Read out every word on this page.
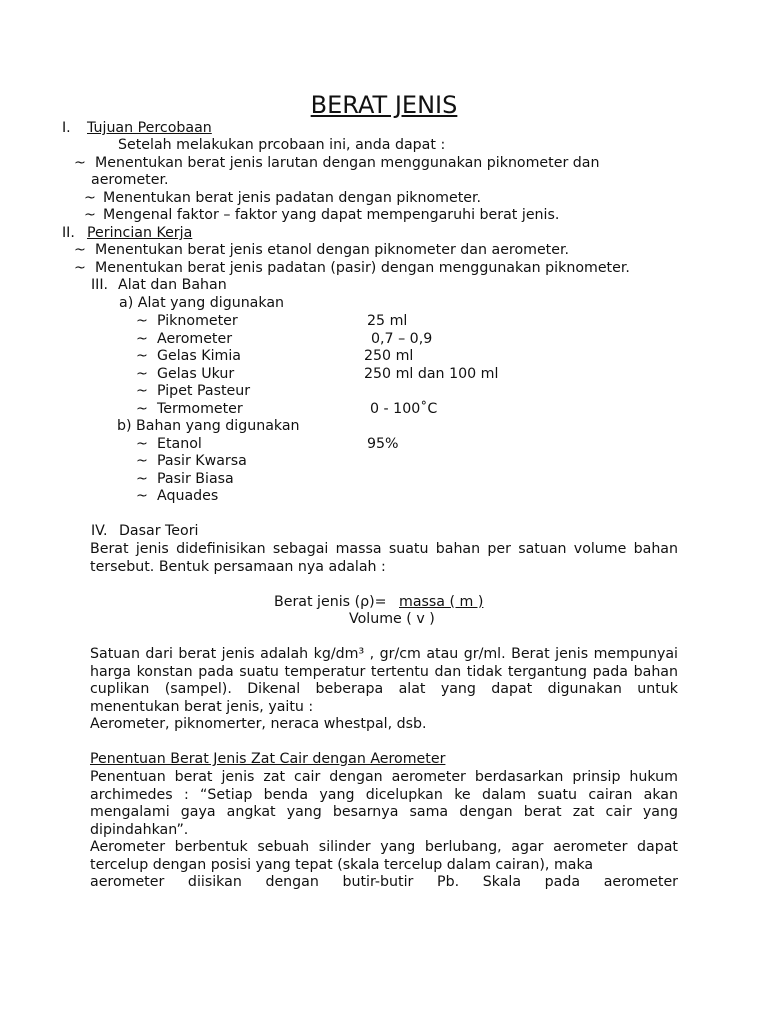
BERAT JENIS
I. Tujuan Percobaan
Setelah melakukan prcobaan ini, anda dapat :
~ Menentukan berat jenis larutan dengan menggunakan piknometer dan
aerometer.
~ Menentukan berat jenis padatan dengan piknometer.
~ Mengenal faktor – faktor yang dapat mempengaruhi berat jenis.
II. Perincian Kerja
~ Menentukan berat jenis etanol dengan piknometer dan aerometer.
~ Menentukan berat jenis padatan (pasir) dengan menggunakan piknometer.
III. Alat dan Bahan
a) Alat yang digunakan
~ Piknometer	25 ml
~ Aerometer	0,7 – 0,9
~ Gelas Kimia	250 ml
~ Gelas Ukur	250 ml dan 100 ml
~ Pipet Pasteur
~ Termometer	0 - 100˚C
b) Bahan yang digunakan
~ Etanol	95%
~ Pasir Kwarsa
~ Pasir Biasa
~ Aquades
IV. Dasar Teori
Berat jenis didefinisikan sebagai massa suatu bahan per satuan volume bahan tersebut. Bentuk persamaan nya adalah :
Berat jenis (ρ)= massa ( m )
Volume ( v )
Satuan dari berat jenis adalah kg/dm³ , gr/cm atau gr/ml. Berat jenis mempunyai harga konstan pada suatu temperatur tertentu dan tidak tergantung pada bahan cuplikan (sampel). Dikenal beberapa alat yang dapat digunakan untuk menentukan berat jenis, yaitu :
Aerometer, piknomerter, neraca whestpal, dsb.
Penentuan Berat Jenis Zat Cair dengan Aerometer
Penentuan berat jenis zat cair dengan aerometer berdasarkan prinsip hukum archimedes : “Setiap benda yang dicelupkan ke dalam suatu cairan akan mengalami gaya angkat yang besarnya sama dengan berat zat cair yang dipindahkan”.
Aerometer berbentuk sebuah silinder yang berlubang, agar aerometer dapat tercelup dengan posisi yang tepat (skala tercelup dalam cairan), maka
aerometer diisikan dengan butir-butir Pb. Skala pada aerometer
